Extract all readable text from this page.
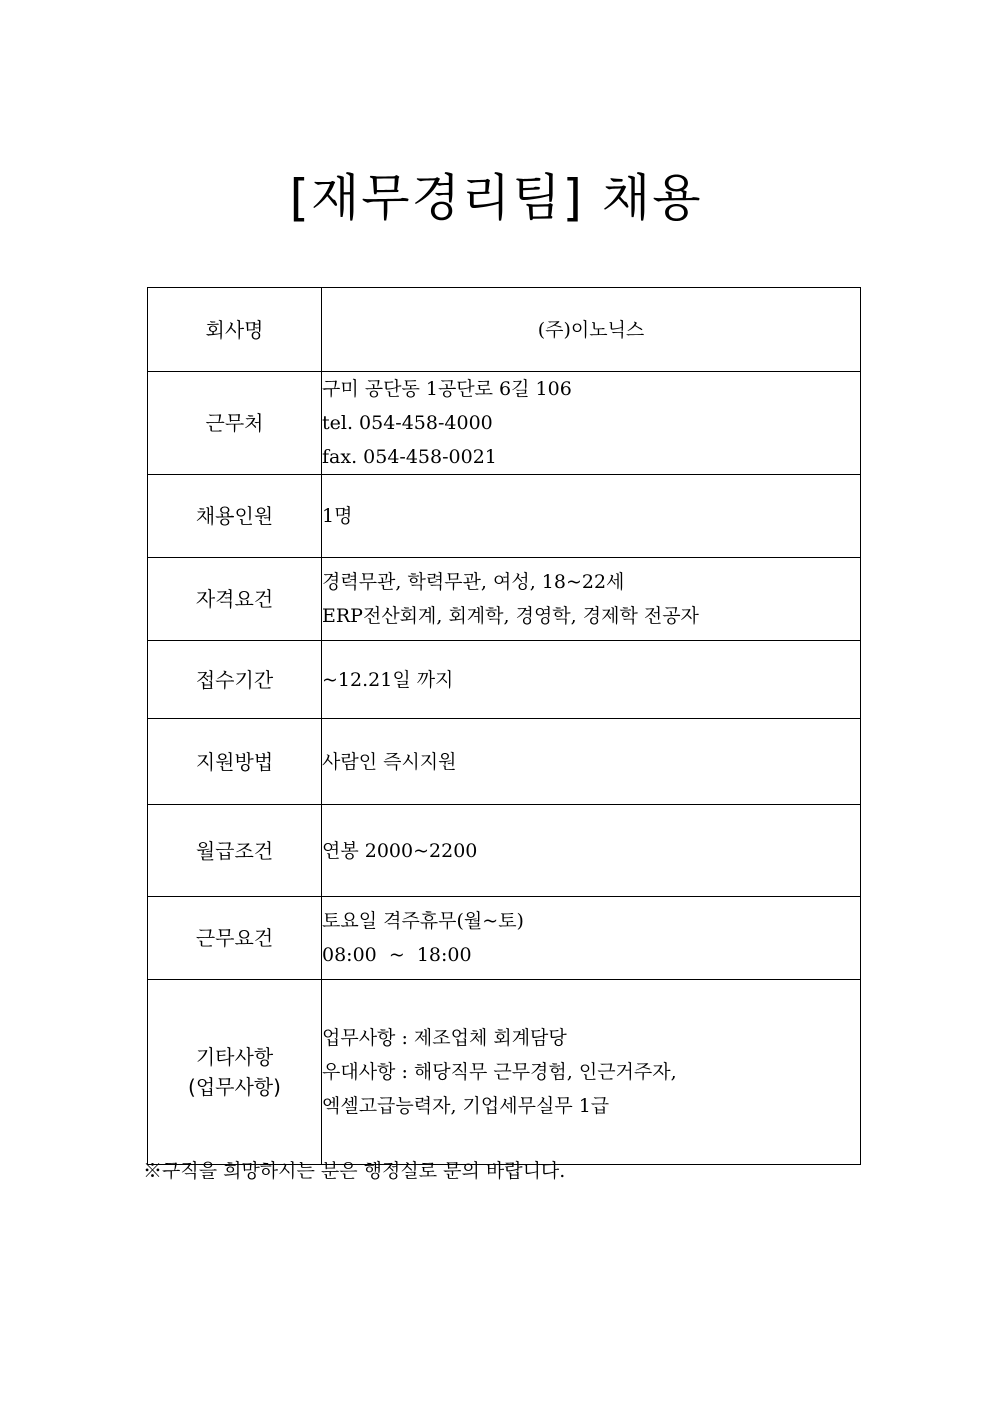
[재무경리팀] 채용
회사명	(주)이노닉스

근무처	구미 공단동 1공단로 6길 106
tel. 054-458-4000
fax. 054-458-0021

채용인원	1명

자격요건	경력무관, 학력무관, 여성, 18~22세
ERP전산회계, 회계학, 경영학, 경제학 전공자

접수기간	~12.21일 까지

지원방법	사람인 즉시지원

월급조건	연봉 2000~2200

근무요건	토요일 격주휴무(월~토)
08:00  ~  18:00

기타사항
(업무사항)	업무사항 : 제조업체 회계담당
우대사항 : 해당직무 근무경험, 인근거주자,
엑셀고급능력자, 기업세무실무 1급
※구직을 희망하시는 분은 행정실로 문의 바랍니다.
